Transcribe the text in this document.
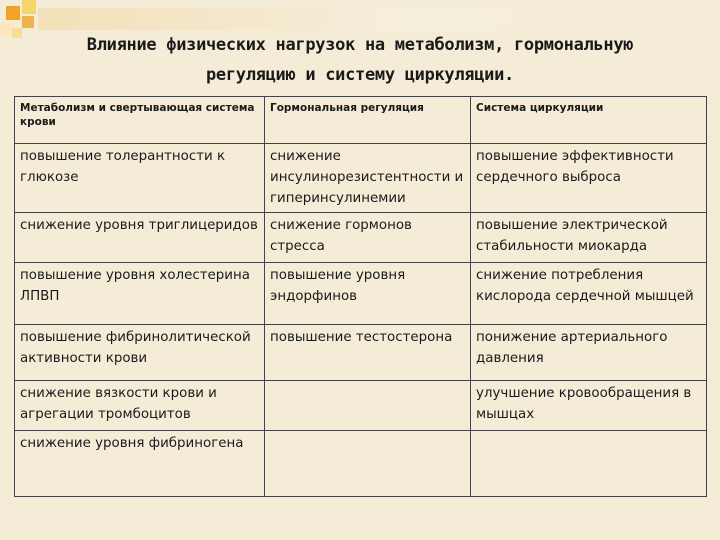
Влияние физических нагрузок на метаболизм, гормональную
регуляцию и систему циркуляции.
Метаболизм и свертывающая система крови	Гормональная регуляция	Система циркуляции
повышение толерантности к глюкозе	снижение инсулинорезистентности и гиперинсулинемии	повышение эффективности сердечного выброса
снижение уровня триглицеридов	снижение гормонов стресса	повышение электрической стабильности миокарда
повышение уровня холестерина ЛПВП	повышение уровня эндорфинов	снижение потребления кислорода сердечной мышцей
повышение фибринолитической активности крови	повышение тестостерона	понижение артериального давления
снижение вязкости крови и агрегации тромбоцитов		улучшение кровообращения в мышцах
снижение уровня фибриногена		
